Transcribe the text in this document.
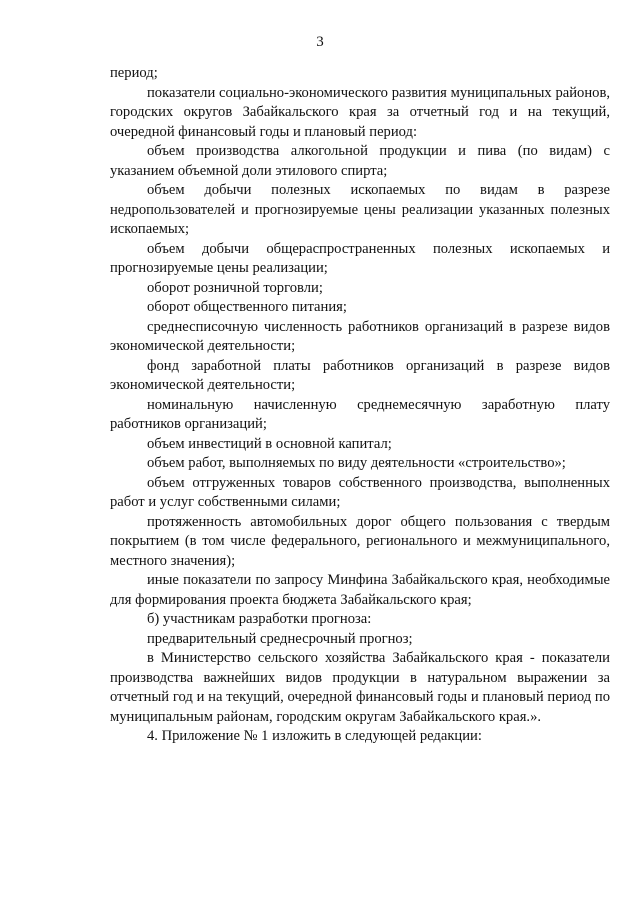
3

период;

показатели социально-экономического развития муниципальных районов, городских округов Забайкальского края за отчетный год и на текущий, очередной финансовый годы и плановый период:

объем производства алкогольной продукции и пива (по видам) с указанием объемной доли этилового спирта;

объем добычи полезных ископаемых по видам в разрезе недропользователей и прогнозируемые цены реализации указанных полезных ископаемых;

объем добычи общераспространенных полезных ископаемых и прогнозируемые цены реализации;

оборот розничной торговли;

оборот общественного питания;

среднесписочную численность работников организаций в разрезе видов экономической деятельности;

фонд заработной платы работников организаций в разрезе видов экономической деятельности;

номинальную начисленную среднемесячную заработную плату работников организаций;

объем инвестиций в основной капитал;

объем работ, выполняемых по виду деятельности «строительство»;

объем отгруженных товаров собственного производства, выполненных работ и услуг собственными силами;

протяженность автомобильных дорог общего пользования с твердым покрытием (в том числе федерального, регионального и межмуниципального, местного значения);

иные показатели по запросу Минфина Забайкальского края, необходимые для формирования проекта бюджета Забайкальского края;

б) участникам разработки прогноза:

предварительный среднесрочный прогноз;

в Министерство сельского хозяйства Забайкальского края - показатели производства важнейших видов продукции в натуральном выражении за отчетный год и на текущий, очередной финансовый годы и плановый период по муниципальным районам, городским округам Забайкальского края.».

4. Приложение № 1 изложить в следующей редакции:
